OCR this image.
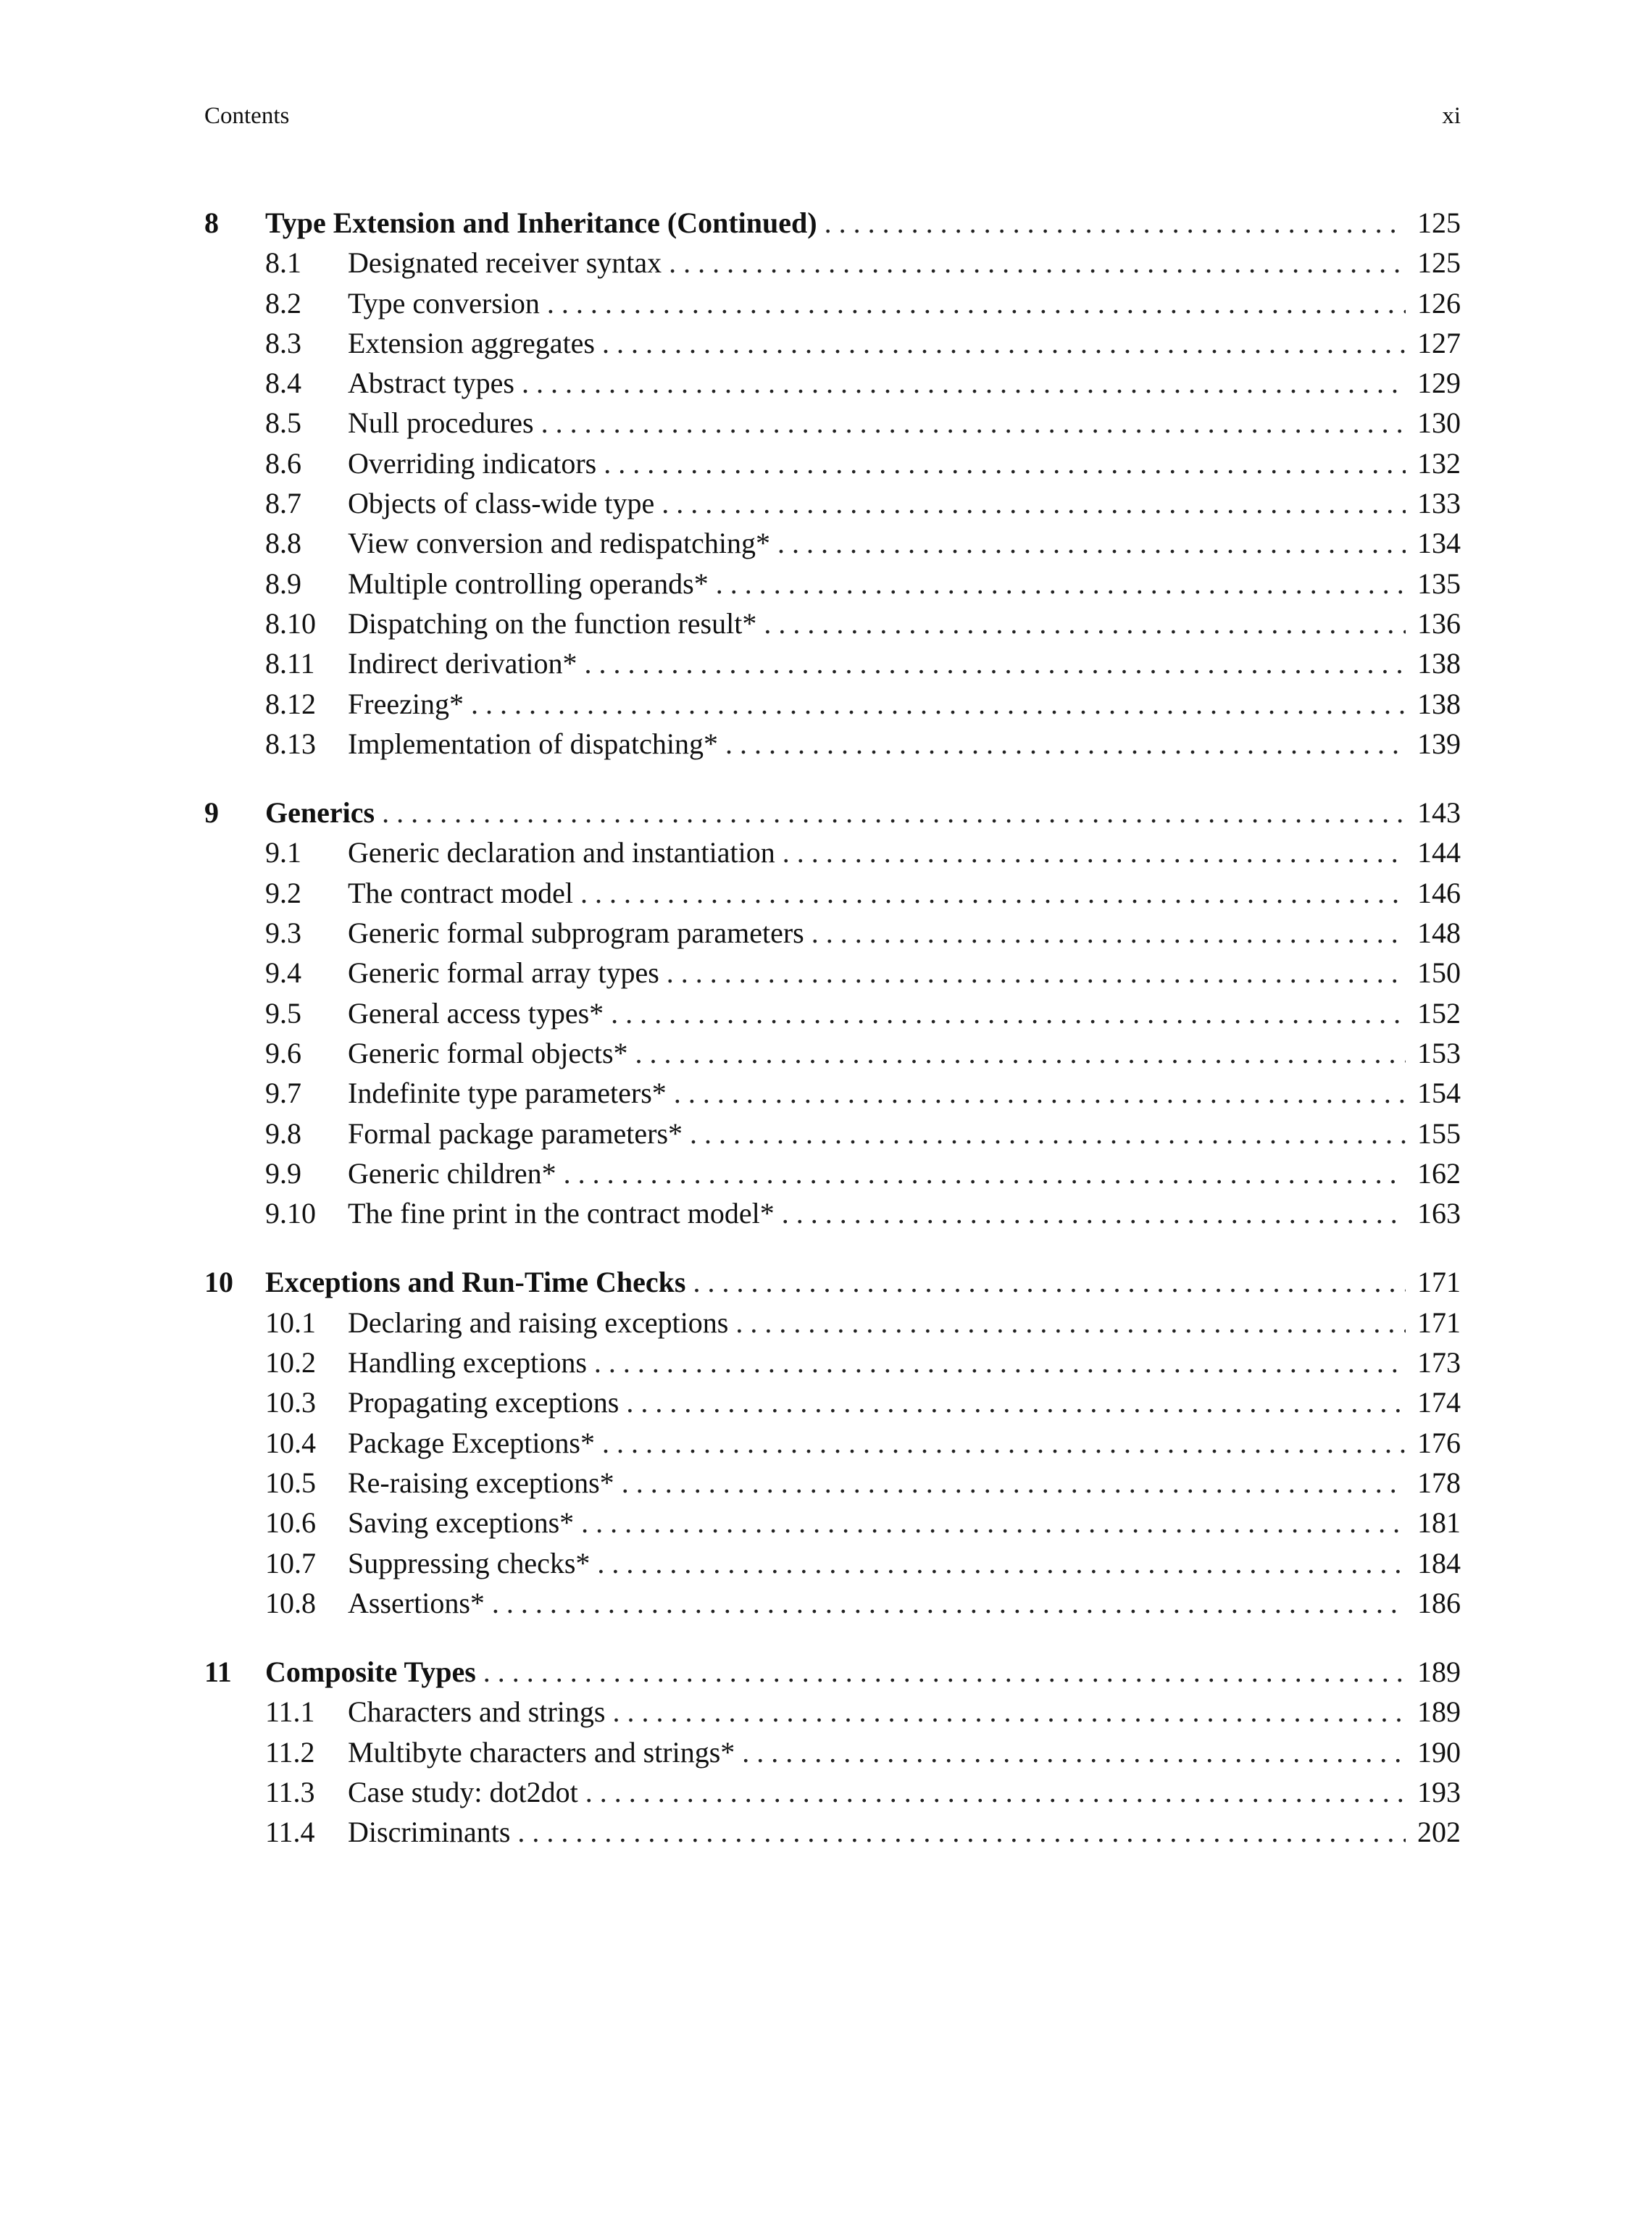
Contents	xi
8	Type Extension and Inheritance (Continued) . . .	125
8.1	Designated receiver syntax . . .	125
8.2	Type conversion . . .	126
8.3	Extension aggregates . . .	127
8.4	Abstract types . . .	129
8.5	Null procedures . . .	130
8.6	Overriding indicators . . .	132
8.7	Objects of class-wide type . . .	133
8.8	View conversion and redispatching* . . .	134
8.9	Multiple controlling operands* . . .	135
8.10	Dispatching on the function result* . . .	136
8.11	Indirect derivation* . . .	138
8.12	Freezing* . . .	138
8.13	Implementation of dispatching* . . .	139
9	Generics . . .	143
9.1	Generic declaration and instantiation . . .	144
9.2	The contract model . . .	146
9.3	Generic formal subprogram parameters . . .	148
9.4	Generic formal array types . . .	150
9.5	General access types* . . .	152
9.6	Generic formal objects* . . .	153
9.7	Indefinite type parameters* . . .	154
9.8	Formal package parameters* . . .	155
9.9	Generic children* . . .	162
9.10	The fine print in the contract model* . . .	163
10	Exceptions and Run-Time Checks . . .	171
10.1	Declaring and raising exceptions . . .	171
10.2	Handling exceptions . . .	173
10.3	Propagating exceptions . . .	174
10.4	Package Exceptions* . . .	176
10.5	Re-raising exceptions* . . .	178
10.6	Saving exceptions* . . .	181
10.7	Suppressing checks* . . .	184
10.8	Assertions* . . .	186
11	Composite Types . . .	189
11.1	Characters and strings . . .	189
11.2	Multibyte characters and strings* . . .	190
11.3	Case study: dot2dot . . .	193
11.4	Discriminants . . .	202
